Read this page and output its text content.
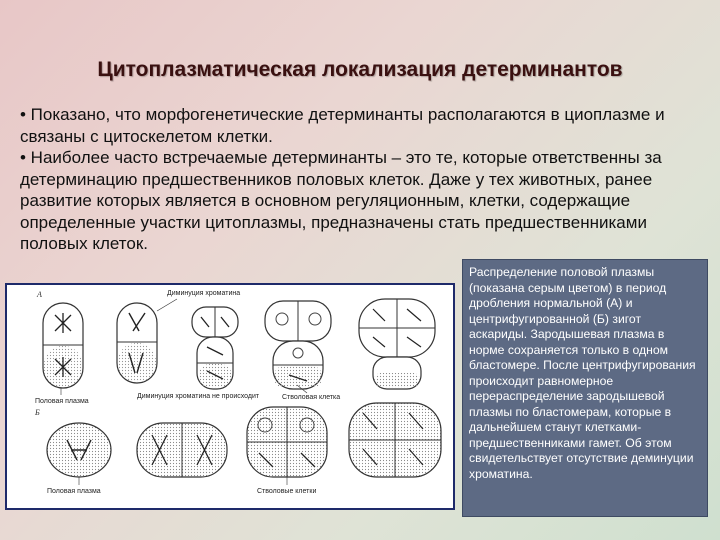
Цитоплазматическая локализация детерминантов

• Показано, что морфогенетические детерминанты располагаются в циоплазме и связаны с цитоскелетом клетки.

• Наиболее часто встречаемые детерминанты – это те, которые ответственны за детерминацию предшественников половых клеток. Даже у тех животных, ранее развитие которых является в основном регуляционным, клетки, содержащие определенные участки цитоплазмы, предназначены стать предшественниками половых клеток.

А	Диминуция хроматина
Половая плазма
Диминуция хроматина не происходит	Стволовая клетка
Б
Половая плазма	Стволовые клетки
Распределение половой плазмы (показана серым цветом) в период дробления нормальной (А) и центрифугированной (Б) зигот аскариды. Зародышевая плазма в норме сохраняется только в одном бластомере. После центрифугирования происходит равномерное перераспределение зародышевой плазмы по бластомерам, которые в дальнейшем станут клетками-предшественниками гамет. Об этом свидетельствует отсутствие деминуции хроматина.
